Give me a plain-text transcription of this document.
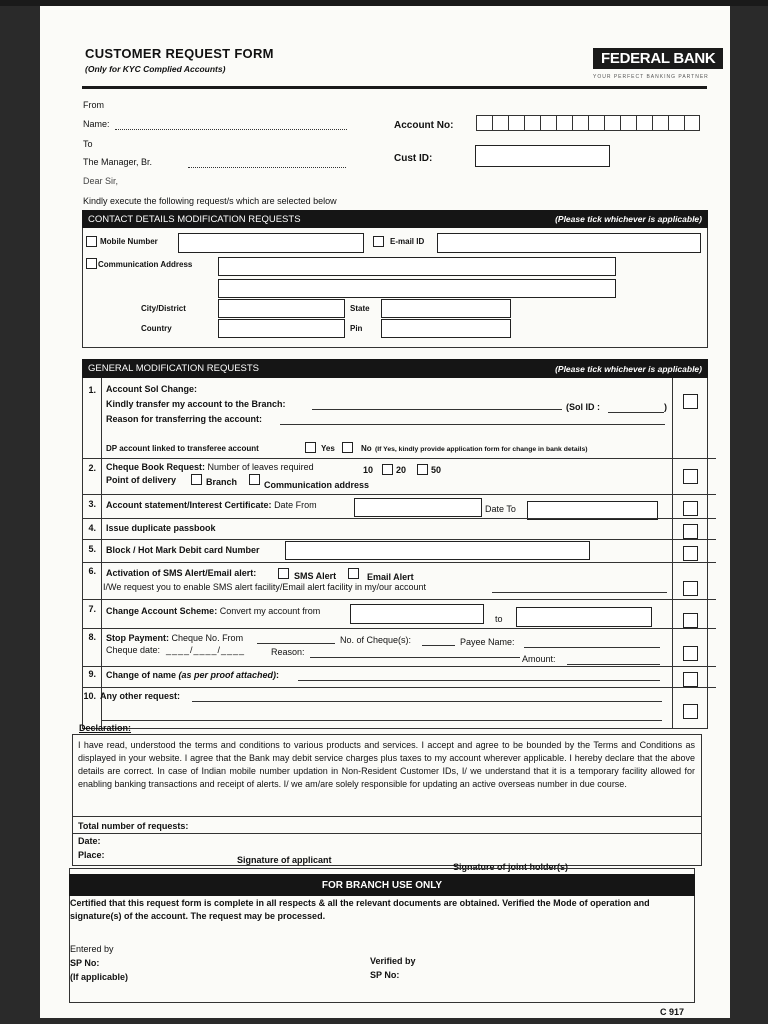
CUSTOMER REQUEST FORM
(Only for KYC Complied Accounts)
FEDERAL BANK
YOUR PERFECT BANKING PARTNER
From
Name:
To
The Manager, Br.
Dear Sir,
Kindly execute the following request/s which are selected below
Account No:
Cust ID:
CONTACT DETAILS MODIFICATION REQUESTS	(Please tick whichever is applicable)
Mobile Number	E-mail ID
Communication Address
City/District	State
Country	Pin
GENERAL MODIFICATION REQUESTS	(Please tick whichever is applicable)
1. Account Sol Change:
Kindly transfer my account to the Branch:	(Sol ID :	)
Reason for transferring the account:
DP account linked to transferee account	Yes	No (If Yes, kindly provide application form for change in bank details)
2. Cheque Book Request: Number of leaves required	10	20	50
Point of delivery	Branch	Communication address
3. Account statement/Interest Certificate: Date From	Date To
4. Issue duplicate passbook
5. Block / Hot Mark Debit card Number
6. Activation of SMS Alert/Email alert:	SMS Alert	Email Alert
I/We request you to enable SMS alert facility/Email alert facility in my/our account
7. Change Account Scheme: Convert my account from
to
8. Stop Payment: Cheque No. From	No. of Cheque(s):	Payee Name:
Cheque date: ____/____/____	Reason:
Amount:
9. Change of name (as per proof attached):
10. Any other request:
Declaration:
I have read, understood the terms and conditions to various products and services. I accept and agree to be bounded by the Terms and Conditions as displayed in your website. I agree that the Bank may debit service charges plus taxes to my account wherever applicable. I hereby declare that the above details are correct. In case of Indian mobile number updation in Non-Resident Customer IDs, I/ we understand that it is a temporary facility allowed for enabling banking transactions and receipt of alerts. I/ we am/are solely responsible for updating an active overseas number in due course.
Total number of requests:
Date:
Place:	Signature of applicant
Signature of joint holder(s)
FOR BRANCH USE ONLY
Certified that this request form is complete in all respects & all the relevant documents are obtained. Verified the Mode of operation and signature(s) of the account. The request may be processed.
Entered by
SP No:
(If applicable)
Verified by
SP No:
C 917
